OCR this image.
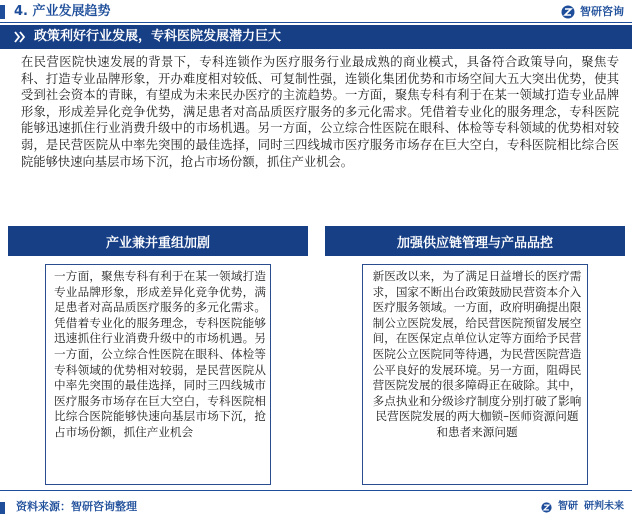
4. 产业发展趋势	智研咨询
政策利好行业发展，专科医院发展潜力巨大

在民营医院快速发展的背景下，专科连锁作为医疗服务行业最成熟的商业模式，具备符合政策导向，聚焦专科、打造专业品牌形象，开办难度相对较低、可复制性强，连锁化集团优势和市场空间大五大突出优势，使其受到社会资本的青睐，有望成为未来民办医疗的主流趋势。一方面，聚焦专科有利于在某一领域打造专业品牌形象，形成差异化竞争优势，满足患者对高品质医疗服务的多元化需求。凭借着专业化的服务理念，专科医院能够迅速抓住行业消费升级中的市场机遇。另一方面，公立综合性医院在眼科、体检等专科领域的优势相对较弱，是民营医院从中率先突围的最佳选择，同时三四线城市医疗服务市场存在巨大空白，专科医院相比综合医院能够快速向基层市场下沉，抢占市场份额，抓住产业机会。

产业兼并重组加剧

一方面，聚焦专科有利于在某一领域打造专业品牌形象，形成差异化竞争优势，满足患者对高品质医疗服务的多元化需求。凭借着专业化的服务理念，专科医院能够迅速抓住行业消费升级中的市场机遇。另一方面，公立综合性医院在眼科、体检等专科领域的优势相对较弱，是民营医院从中率先突围的最佳选择，同时三四线城市医疗服务市场存在巨大空白，专科医院相比综合医院能够快速向基层市场下沉，抢占市场份额，抓住产业机会

加强供应链管理与产品品控

新医改以来，为了满足日益增长的医疗需求，国家不断出台政策鼓励民营资本介入医疗服务领域。一方面，政府明确提出限制公立医院发展，给民营医院预留发展空间，在医保定点单位认定等方面给予民营医院公立医院同等待遇，为民营医院营造公平良好的发展环境。另一方面，阻碍民营医院发展的很多障碍正在破除。其中，多点执业和分级诊疗制度分别打破了影响民营医院发展的两大枷锁–医师资源问题和患者来源问题

资料来源：智研咨询整理	智研 研判未来
